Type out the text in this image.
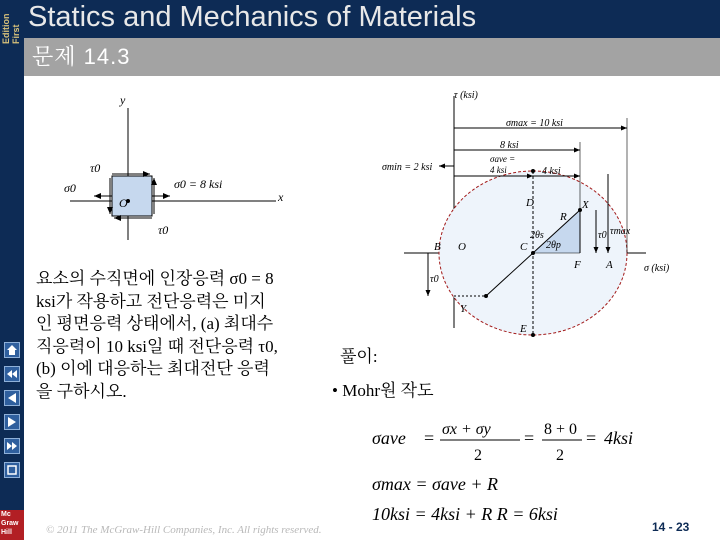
Edition First
Mc
Graw
Hill
Statics and Mechanics of Materials
문제 14.3
y
x
O
τ0
τ0
σ0	σ0 = 8 ksi
τ (ksi)
σ (ksi)
σmax = 10 ksi
8 ksi
σave =
4 ksi
σmin = 2 ksi	4 ksi
τmax
τ0
τ0
D	X
R
2θs
2θp
B O	C
F A
Y
E
요소의 수직면에 인장응력 σ0 = 8
ksi가 작용하고 전단응력은 미지
인 평면응력 상태에서, (a) 최대수
직응력이 10 ksi일 때 전단응력 τ0,
(b) 이에 대응하는 최대전단 응력
을 구하시오.
풀이:
• Mohr원 작도
σave = σx + σy
2
= 8 + 0
2
= 4ksi
σmax = σave + R
10ksi = 4ksi + R R = 6ksi
© 2011 The McGraw-Hill Companies, Inc. All rights reserved.	14 - 23
